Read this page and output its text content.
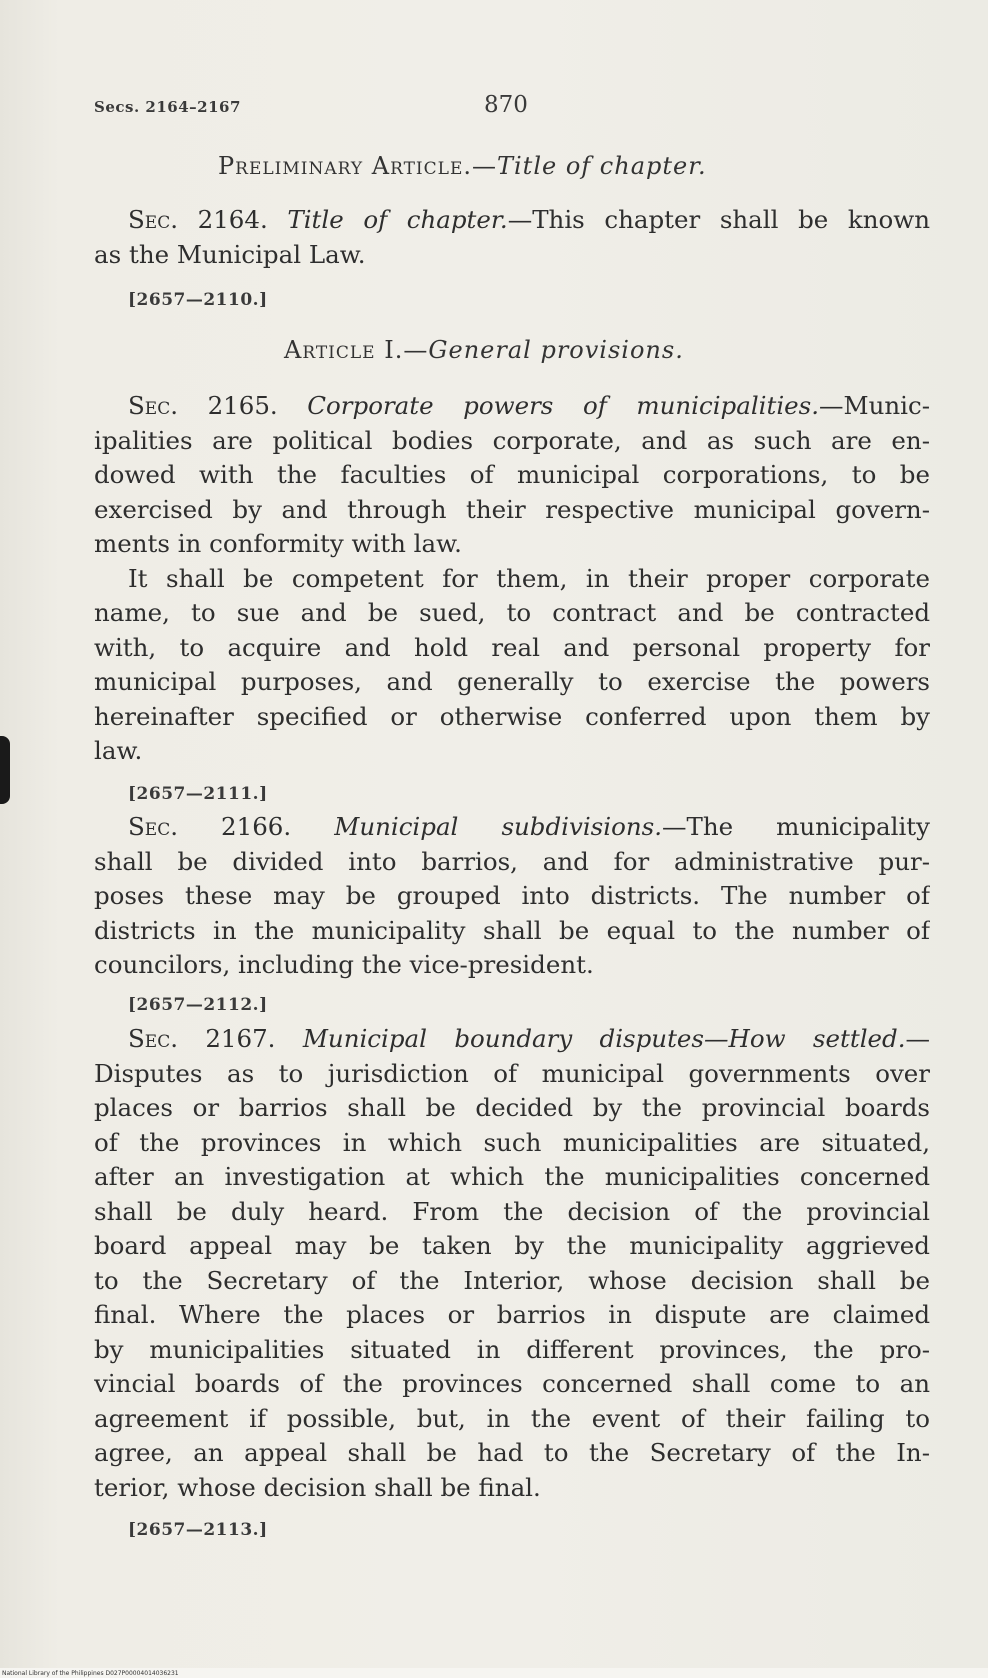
Secs. 2164–2167	870
Preliminary Article.—Title of chapter.
Sec. 2164. Title of chapter.—This chapter shall be known
as the Municipal Law.
[2657—2110.]
Article I.—General provisions.
Sec. 2165. Corporate powers of municipalities.—Munic-
ipalities are political bodies corporate, and as such are en-
dowed with the faculties of municipal corporations, to be
exercised by and through their respective municipal govern-
ments in conformity with law.
It shall be competent for them, in their proper corporate
name, to sue and be sued, to contract and be contracted
with, to acquire and hold real and personal property for
municipal purposes, and generally to exercise the powers
hereinafter specified or otherwise conferred upon them by
law.
[2657—2111.]
Sec. 2166. Municipal subdivisions.—The municipality
shall be divided into barrios, and for administrative pur-
poses these may be grouped into districts. The number of
districts in the municipality shall be equal to the number of
councilors, including the vice-president.
[2657—2112.]
Sec. 2167. Municipal boundary disputes—How settled.—
Disputes as to jurisdiction of municipal governments over
places or barrios shall be decided by the provincial boards
of the provinces in which such municipalities are situated,
after an investigation at which the municipalities concerned
shall be duly heard. From the decision of the provincial
board appeal may be taken by the municipality aggrieved
to the Secretary of the Interior, whose decision shall be
final. Where the places or barrios in dispute are claimed
by municipalities situated in different provinces, the pro-
vincial boards of the provinces concerned shall come to an
agreement if possible, but, in the event of their failing to
agree, an appeal shall be had to the Secretary of the In-
terior, whose decision shall be final.
[2657—2113.]
National Library of the Philippines D027P00004014036231
